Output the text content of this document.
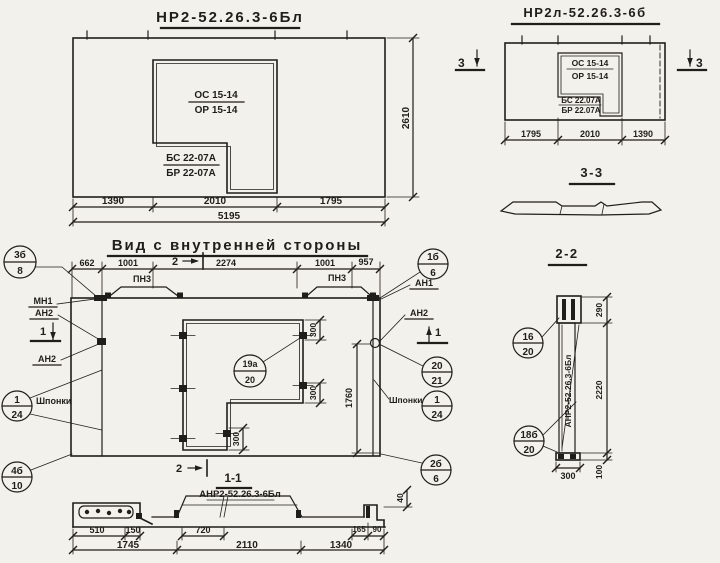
НР2-52.26.3-6Бл
ОС 15-14
ОР 15-14
БС 22-07А
БР 22-07А
2610
1390	2010	1795
5195
НР2л-52.26.3-6б
ОС 15-14
ОР 15-14
БС 22.07А
БР 22.07А
1795	2010	1390
3	3
3-3
Вид с внутренней стороны
662	1001	2274	1001	957
2
ПН3	ПН3
300
300
300
1760
3б
8
МН1
АН2
1
АН2
Шпонки
1
24
4б
10
1б
6
АН1
АН2
1
20
21
Шпонки 1
24
2б
6
19а
20
2
1-1
АНР2-52.26.3-6Бл
510 150	720	165 90
1745	2110	1340
40
2-2
АНР2-52.26.3-6Бл
290
2220
100
300
16
20
18б
20
